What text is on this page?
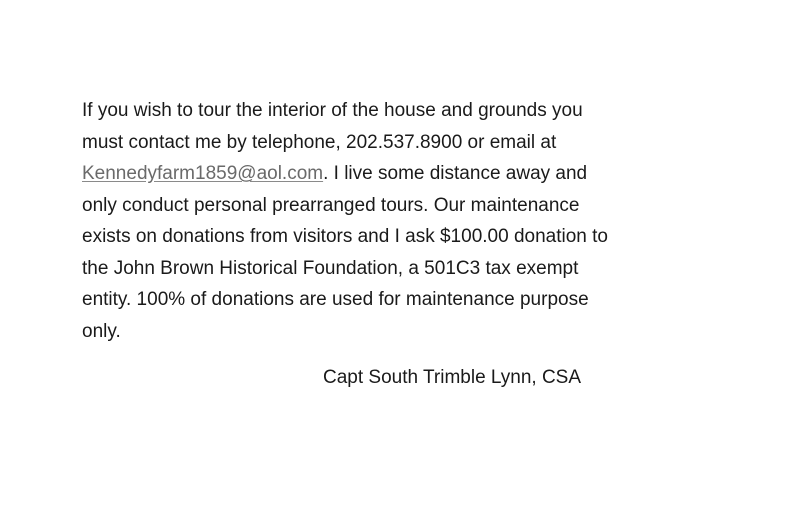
If you wish to tour the interior of the house and grounds you
must contact me by telephone, 202.537.8900 or email at
Kennedyfarm1859@aol.com. I live some distance away and
only conduct personal prearranged tours. Our maintenance
exists on donations from visitors and I ask $100.00 donation to
the John Brown Historical Foundation, a 501C3 tax exempt
entity. 100% of donations are used for maintenance purpose
only.

Capt South Trimble Lynn, CSA
